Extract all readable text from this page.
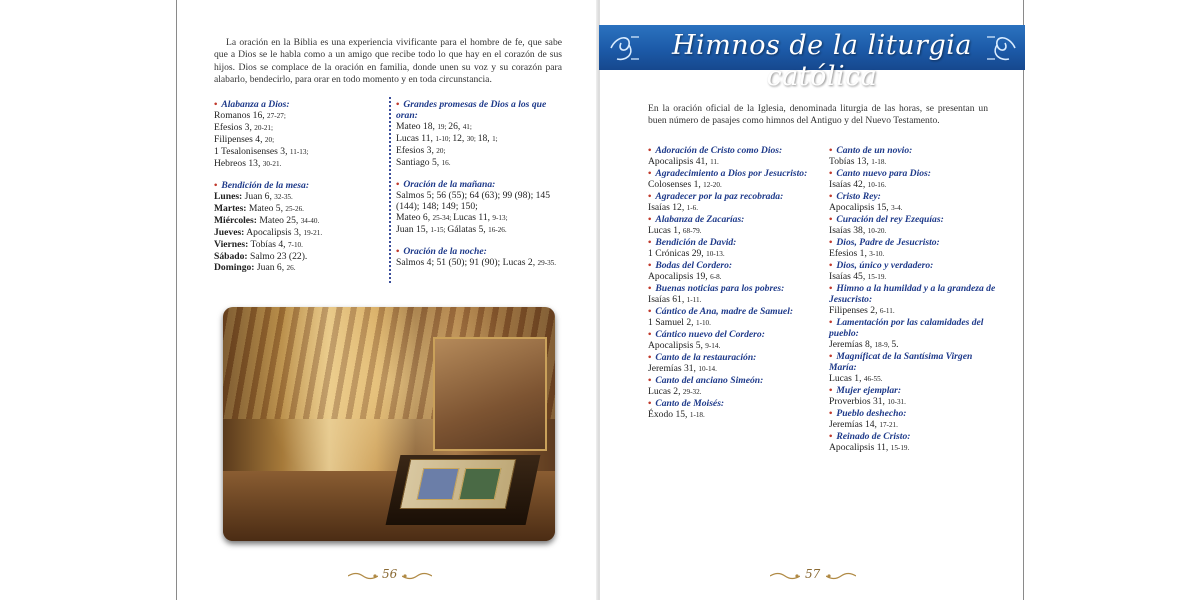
La oración en la Biblia es una experiencia vivificante para el hombre de fe, que sabe que a Dios se le habla como a un amigo que recibe todo lo que hay en el corazón de sus hijos. Dios se complace de la oración en familia, donde unen su voz y su corazón para alabarlo, bendecirlo, para orar en todo momento y en toda circunstancia.
• Alabanza a Dios:
Romanos 16, 27-27;
Efesios 3, 20-21;
Filipenses 4, 20;
1 Tesalonisenses 3, 11-13;
Hebreos 13, 30-21.
• Bendición de la mesa:
Lunes: Juan 6, 32-35.
Martes: Mateo 5, 25-26.
Miércoles: Mateo 25, 34-40.
Jueves: Apocalipsis 3, 19-21.
Viernes: Tobías 4, 7-10.
Sábado: Salmo 23 (22).
Domingo: Juan 6, 26.
• Grandes promesas de Dios a los que oran:
Mateo 18, 19; 26, 41;
Lucas 11, 1-10; 12, 30; 18, 1;
Efesios 3, 20;
Santiago 5, 16.
• Oración de la mañana:
Salmos 5; 56 (55); 64 (63); 99 (98); 145 (144); 148; 149; 150;
Mateo 6, 25-34; Lucas 11, 9-13;
Juan 15, 1-15; Gálatas 5, 16-26.
• Oración de la noche:
Salmos 4; 51 (50); 91 (90); Lucas 2, 29-35.
56
Himnos de la liturgia católica
En la oración oficial de la Iglesia, denominada liturgia de las horas, se presentan un buen número de pasajes como himnos del Antiguo y del Nuevo Testamento.
• Adoración de Cristo como Dios:
Apocalipsis 41, 11.
• Agradecimiento a Dios por Jesucristo:
Colosenses 1, 12-20.
• Agradecer por la paz recobrada:
Isaías 12, 1-6.
• Alabanza de Zacarías:
Lucas 1, 68-79.
• Bendición de David:
1 Crónicas 29, 10-13.
• Bodas del Cordero:
Apocalipsis 19, 6-8.
• Buenas noticias para los pobres:
Isaías 61, 1-11.
• Cántico de Ana, madre de Samuel:
1 Samuel 2, 1-10.
• Cántico nuevo del Cordero:
Apocalipsis 5, 9-14.
• Canto de la restauración:
Jeremías 31, 10-14.
• Canto del anciano Simeón:
Lucas 2, 29-32.
• Canto de Moisés:
Éxodo 15, 1-18.
• Canto de un novio:
Tobías 13, 1-18.
• Canto nuevo para Dios:
Isaías 42, 10-16.
• Cristo Rey:
Apocalipsis 15, 3-4.
• Curación del rey Ezequías:
Isaías 38, 10-20.
• Dios, Padre de Jesucristo:
Efesios 1, 3-10.
• Dios, único y verdadero:
Isaías 45, 15-19.
• Himno a la humildad y a la grandeza de Jesucristo:
Filipenses 2, 6-11.
• Lamentación por las calamidades del pueblo:
Jeremías 8, 18-9, 5.
• Magníficat de la Santísima Virgen María:
Lucas 1, 46-55.
• Mujer ejemplar:
Proverbios 31, 10-31.
• Pueblo deshecho:
Jeremías 14, 17-21.
• Reinado de Cristo:
Apocalipsis 11, 15-19.
57
